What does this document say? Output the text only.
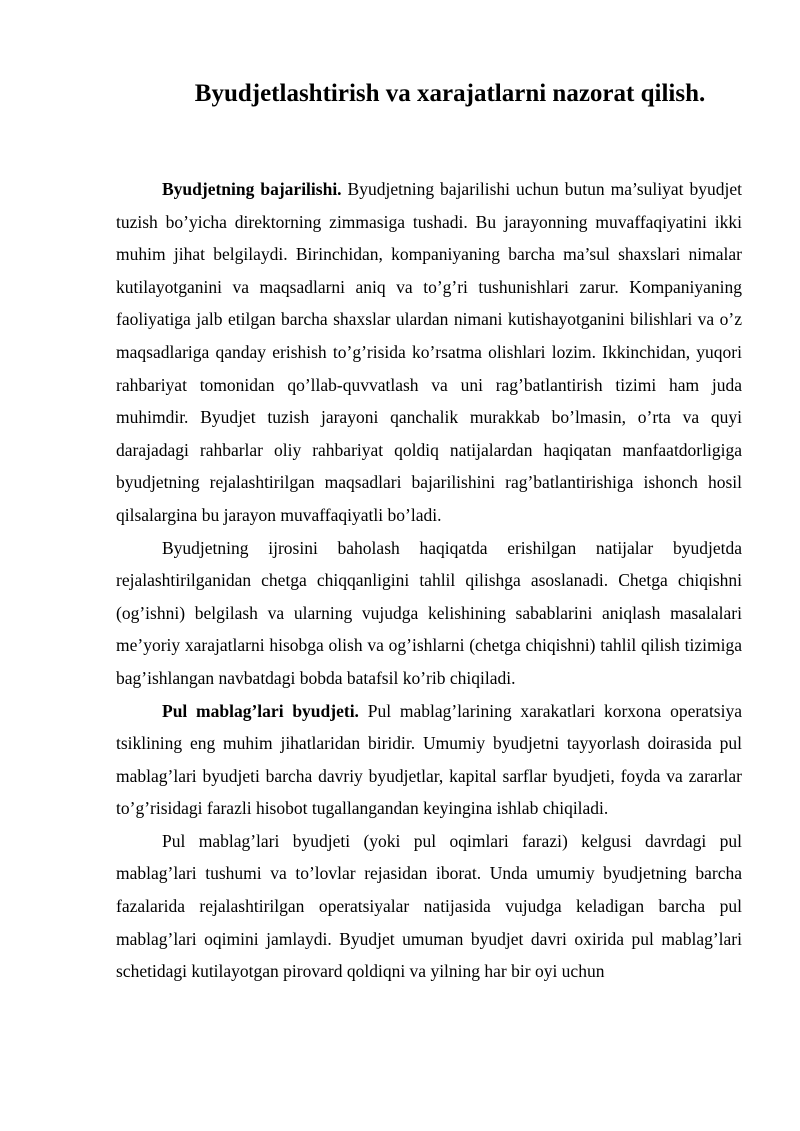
Byudjetlashtirish va xarajatlarni nazorat qilish.

Byudjetning bajarilishi. Byudjetning bajarilishi uchun butun ma’suliyat byudjet tuzish bo’yicha direktorning zimmasiga tushadi. Bu jarayonning muvaffaqiyatini ikki muhim jihat belgilaydi. Birinchidan, kompaniyaning barcha ma’sul shaxslari nimalar kutilayotganini va maqsadlarni aniq va to’g’ri tushunishlari zarur. Kompaniyaning faoliyatiga jalb etilgan barcha shaxslar ulardan nimani kutishayotganini bilishlari va o’z maqsadlariga qanday erishish to’g’risida ko’rsatma olishlari lozim. Ikkinchidan, yuqori rahbariyat tomonidan qo’llab-quvvatlash va uni rag’batlantirish tizimi ham juda muhimdir. Byudjet tuzish jarayoni qanchalik murakkab bo’lmasin, o’rta va quyi darajadagi rahbarlar oliy rahbariyat qoldiq natijalardan haqiqatan manfaatdorligiga byudjetning rejalashtirilgan maqsadlari bajarilishini rag’batlantirishiga ishonch hosil qilsalargina bu jarayon muvaffaqiyatli bo’ladi.

Byudjetning ijrosini baholash haqiqatda erishilgan natijalar byudjetda rejalashtirilganidan chetga chiqqanligini tahlil qilishga asoslanadi. Chetga chiqishni (og’ishni) belgilash va ularning vujudga kelishining sabablarini aniqlash masalalari me’yoriy xarajatlarni hisobga olish va og’ishlarni (chetga chiqishni) tahlil qilish tizimiga bag’ishlangan navbatdagi bobda batafsil ko’rib chiqiladi.

Pul mablag’lari byudjeti. Pul mablag’larining xarakatlari korxona operatsiya tsiklining eng muhim jihatlaridan biridir. Umumiy byudjetni tayyorlash doirasida pul mablag’lari byudjeti barcha davriy byudjetlar, kapital sarflar byudjeti, foyda va zararlar to’g’risidagi farazli hisobot tugallangandan keyingina ishlab chiqiladi.

Pul mablag’lari byudjeti (yoki pul oqimlari farazi) kelgusi davrdagi pul mablag’lari tushumi va to’lovlar rejasidan iborat. Unda umumiy byudjetning barcha fazalarida rejalashtirilgan operatsiyalar natijasida vujudga keladigan barcha pul mablag’lari oqimini jamlaydi. Byudjet umuman byudjet davri oxirida pul mablag’lari schetidagi kutilayotgan pirovard qoldiqni va yilning har bir oyi uchun
